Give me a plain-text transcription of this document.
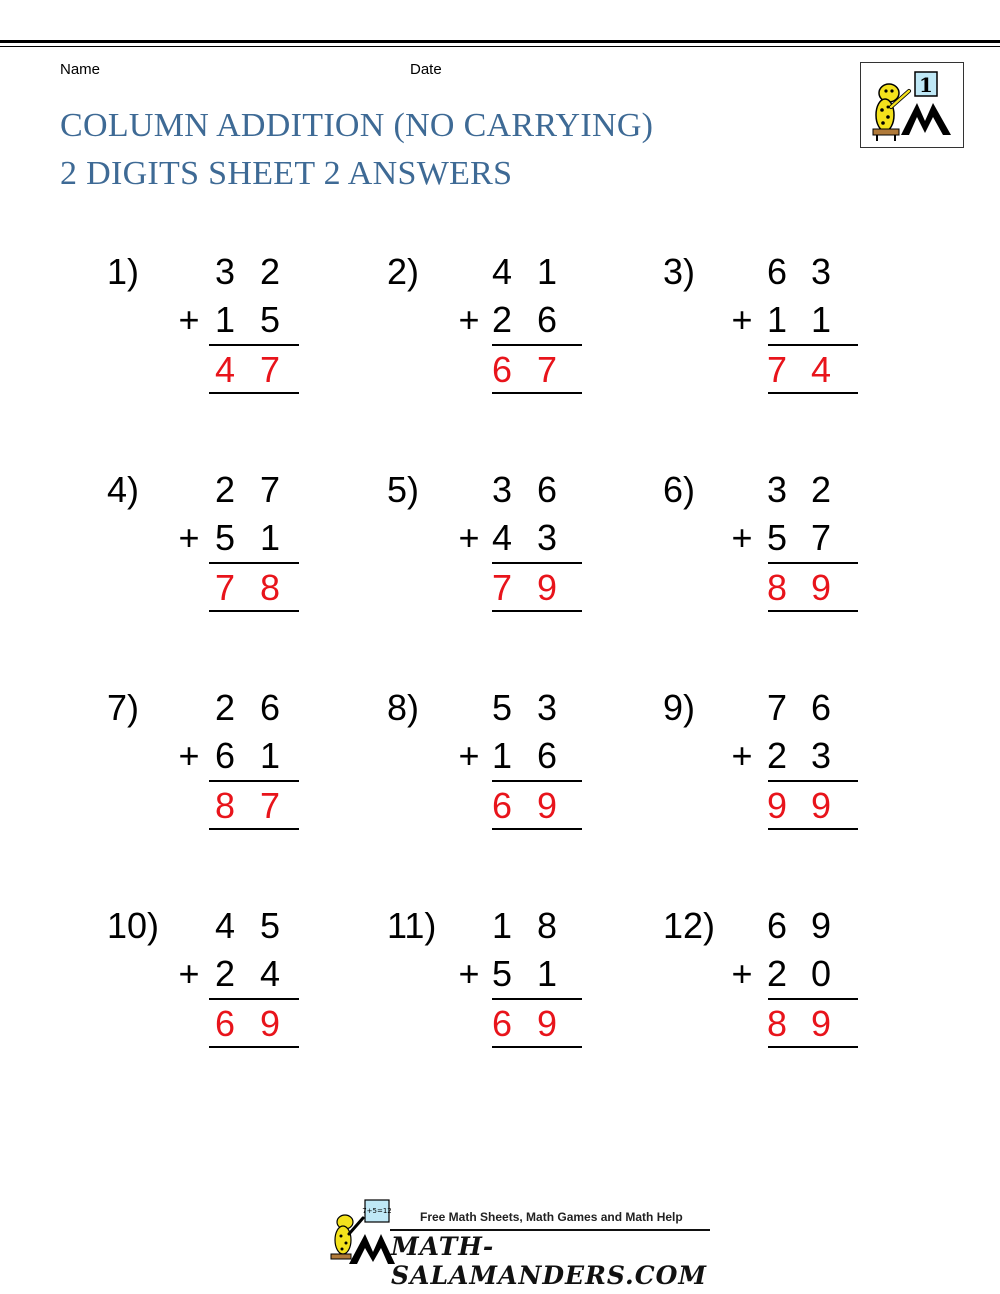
Name	Date
COLUMN ADDITION (NO CARRYING)
2 DIGITS SHEET 2 ANSWERS
1
1) 3 2
+ 1 5
4 7
2) 4 1
+ 2 6
6 7
3) 6 3
+ 1 1
7 4
4) 2 7
+ 5 1
7 8
5) 3 6
+ 4 3
7 9
6) 3 2
+ 5 7
8 9
7) 2 6
+ 6 1
8 7
8) 5 3
+ 1 6
6 9
9) 7 6
+ 2 3
9 9
10) 4 5
+ 2 4
6 9
11) 1 8
+ 5 1
6 9
12) 6 9
+ 2 0
8 9
7+5=12 Free Math Sheets, Math Games and Math Help
MATH-SALAMANDERS.COM
